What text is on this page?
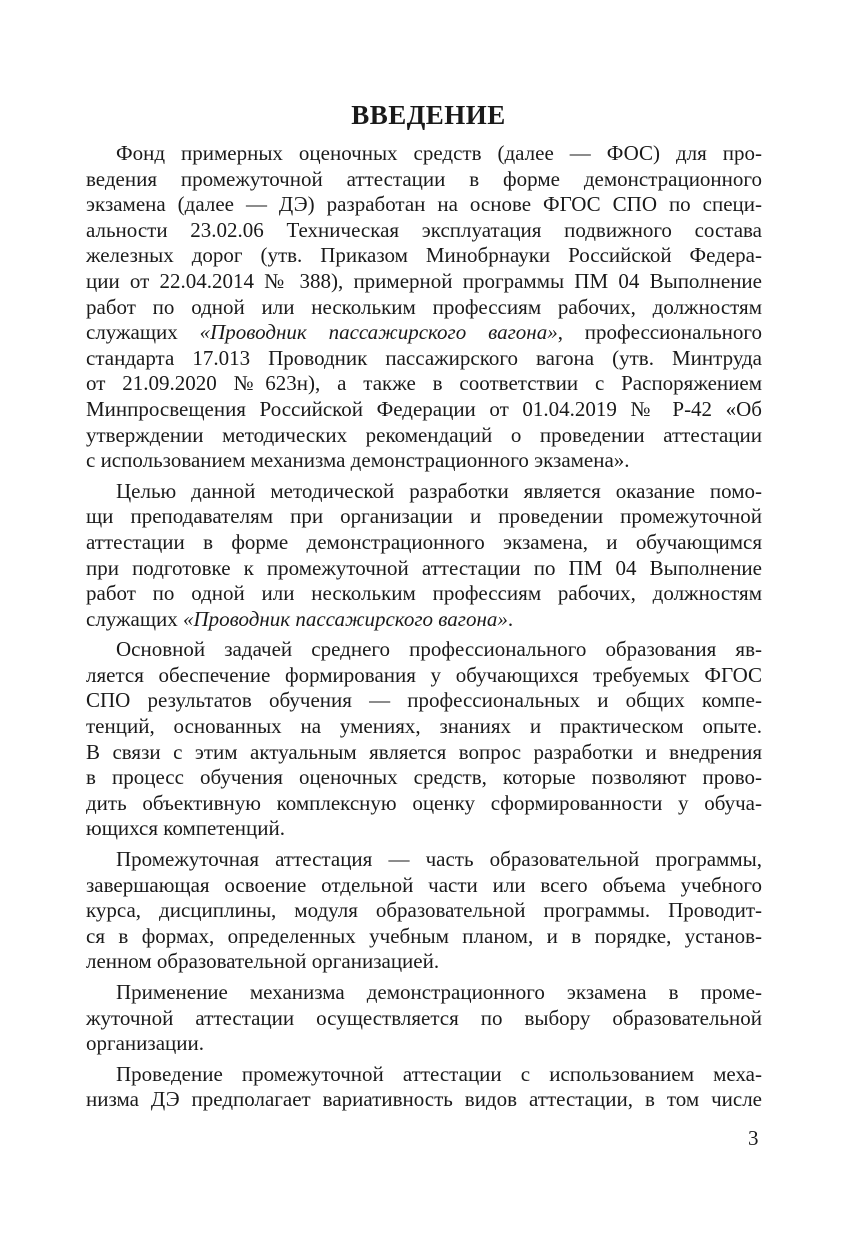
ВВЕДЕНИЕ
Фонд примерных оценочных средств (далее — ФОС) для про-
ведения промежуточной аттестации в форме демонстрационного
экзамена (далее — ДЭ) разработан на основе ФГОС СПО по специ-
альности 23.02.06 Техническая эксплуатация подвижного состава
железных дорог (утв. Приказом Минобрнауки Российской Федера-
ции от 22.04.2014 № 388), примерной программы ПМ 04 Выполнение
работ по одной или нескольким профессиям рабочих, должностям
служащих «Проводник пассажирского вагона», профессионального
стандарта 17.013 Проводник пассажирского вагона (утв. Минтруда
от 21.09.2020 №623н), а также в соответствии с Распоряжением
Минпросвещения Российской Федерации от 01.04.2019 № Р-42 «Об
утверждении методических рекомендаций о проведении аттестации
с использованием механизма демонстрационного экзамена».
Целью данной методической разработки является оказание помо-
щи преподавателям при организации и проведении промежуточной
аттестации в форме демонстрационного экзамена, и обучающимся
при подготовке к промежуточной аттестации по ПМ 04 Выполнение
работ по одной или нескольким профессиям рабочих, должностям
служащих «Проводник пассажирского вагона».
Основной задачей среднего профессионального образования яв-
ляется обеспечение формирования у обучающихся требуемых ФГОС
СПО результатов обучения — профессиональных и общих компе-
тенций, основанных на умениях, знаниях и практическом опыте.
В связи с этим актуальным является вопрос разработки и внедрения
в процесс обучения оценочных средств, которые позволяют прово-
дить объективную комплексную оценку сформированности у обуча-
ющихся компетенций.
Промежуточная аттестация — часть образовательной программы,
завершающая освоение отдельной части или всего объема учебного
курса, дисциплины, модуля образовательной программы. Проводит-
ся в формах, определенных учебным планом, и в порядке, установ-
ленном образовательной организацией.
Применение механизма демонстрационного экзамена в проме-
жуточной аттестации осуществляется по выбору образовательной
организации.
Проведение промежуточной аттестации с использованием меха-
низма ДЭ предполагает вариативность видов аттестации, в том числе
3
